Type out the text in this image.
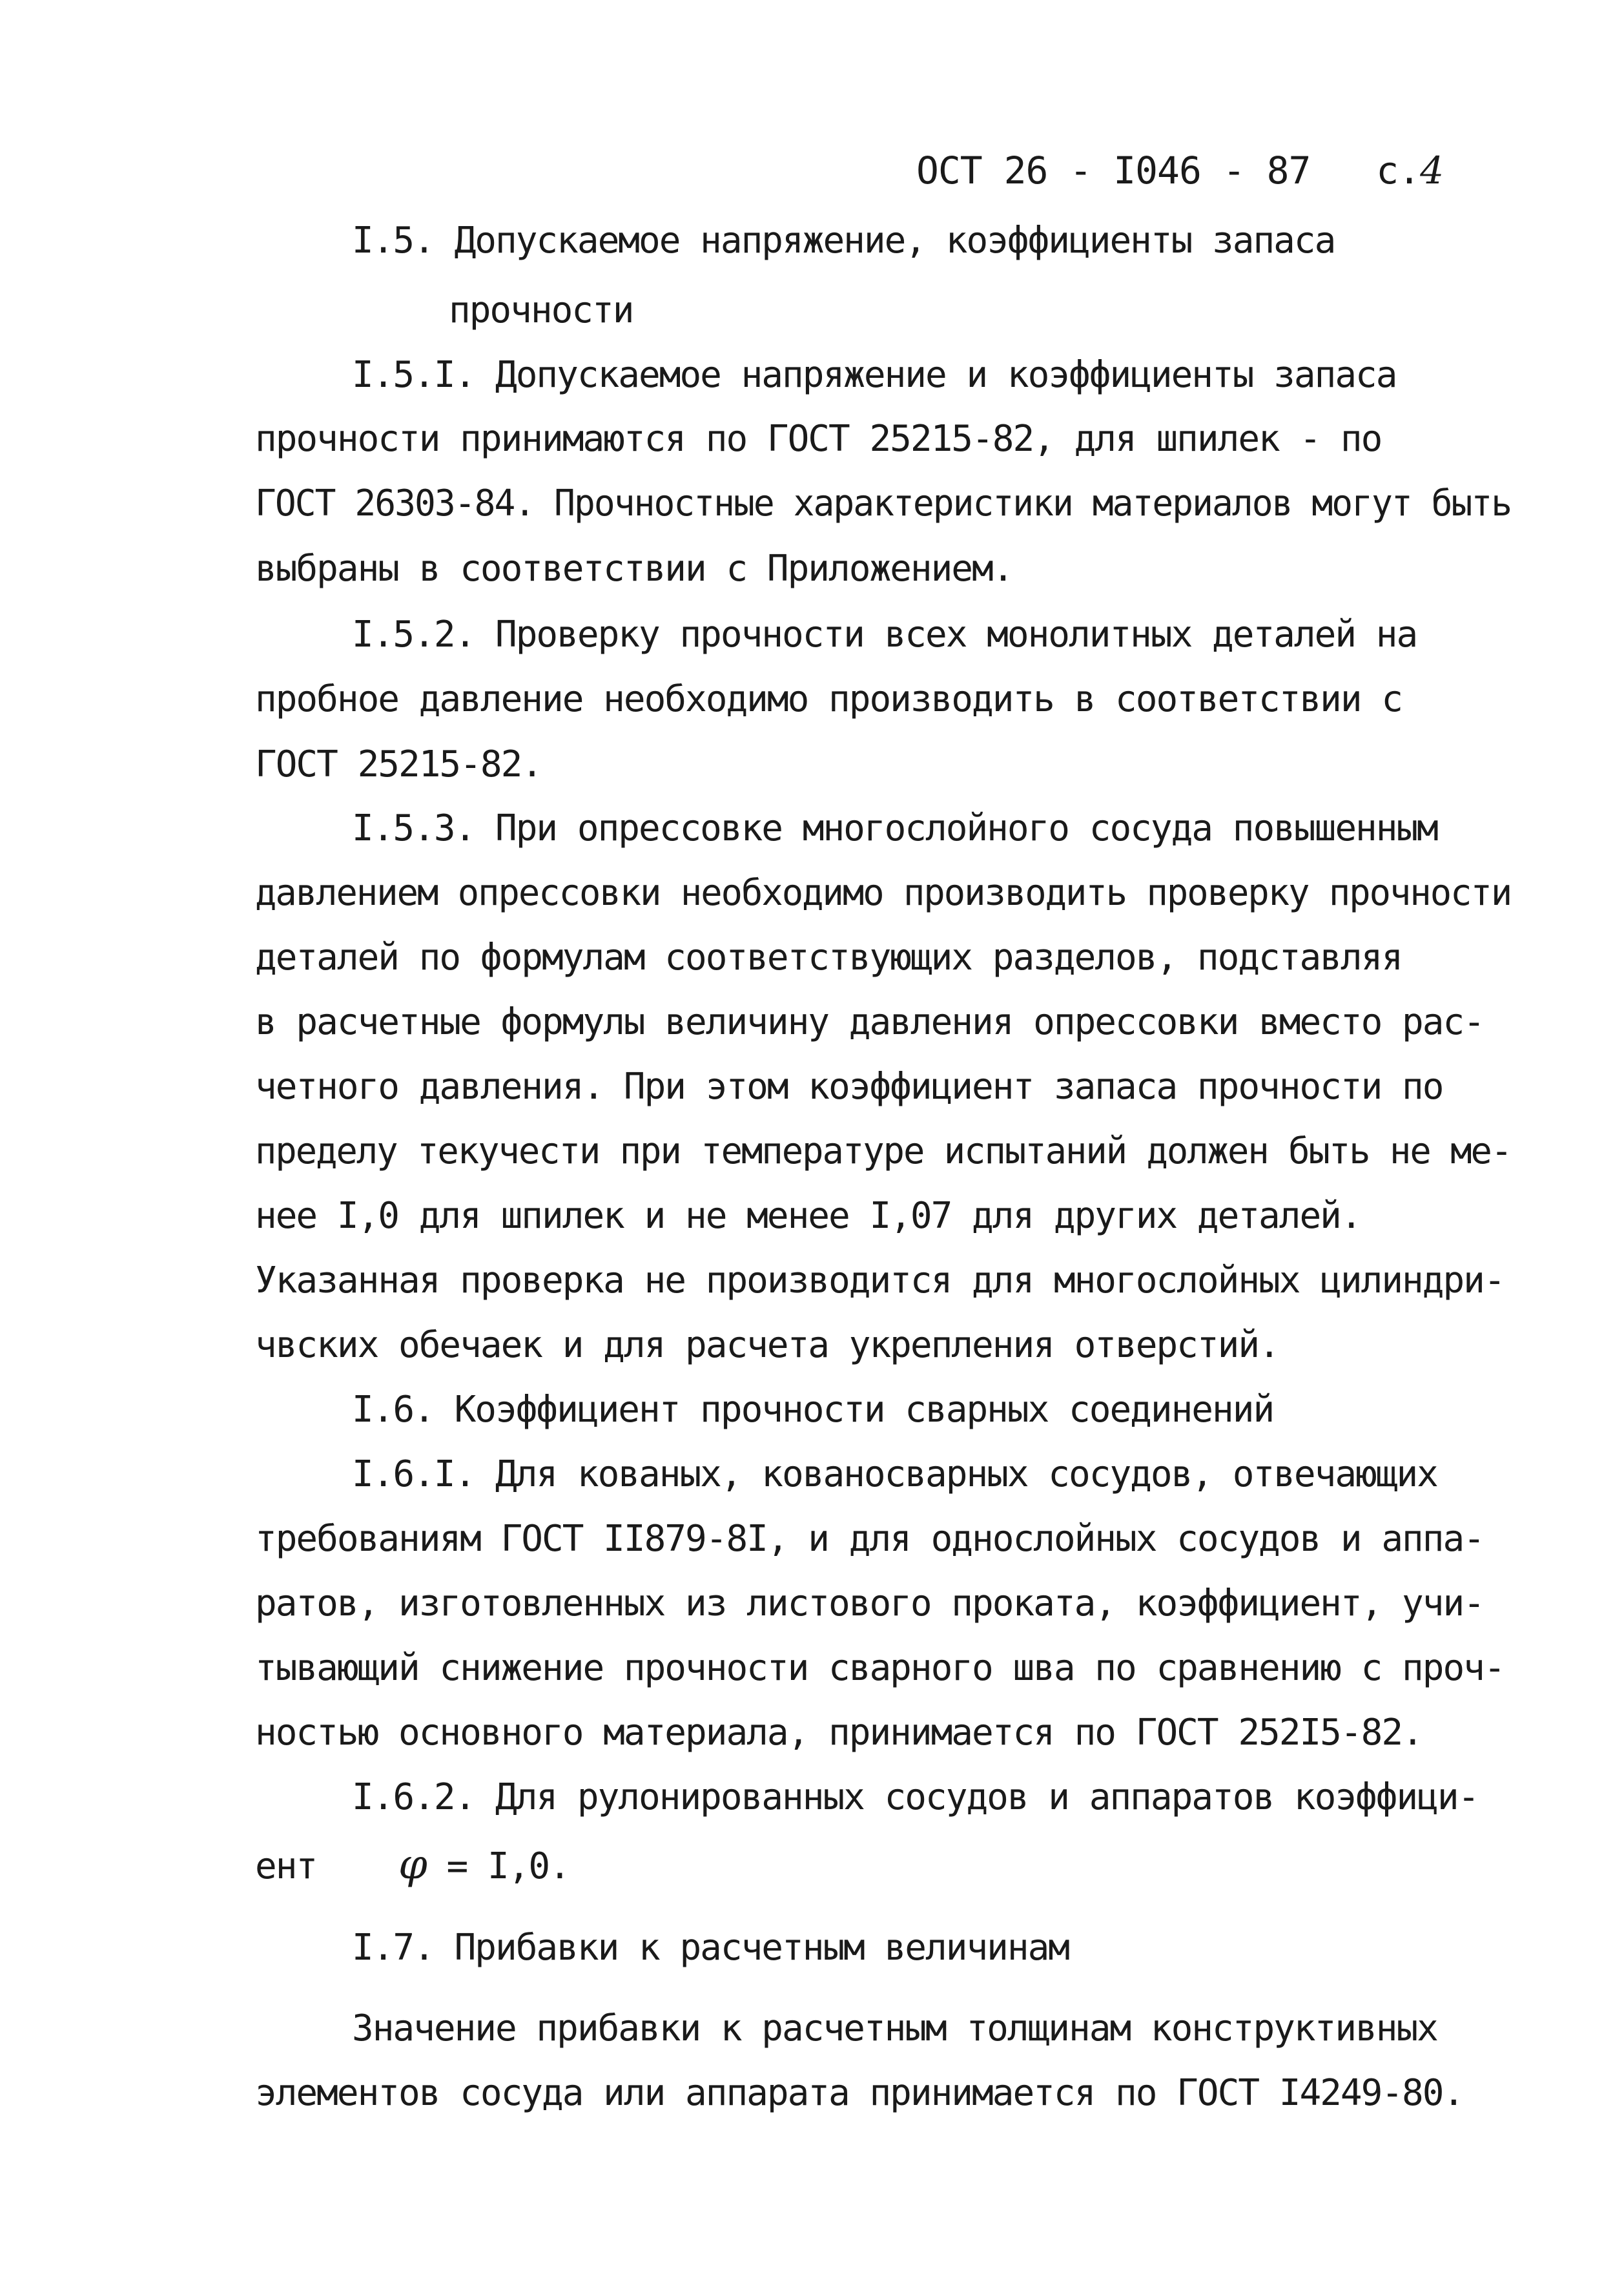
ОСТ 26 - I046 - 87 с.4
I.5. Допускаемое напряжение, коэффициенты запаса
прочности
I.5.I. Допускаемое напряжение и коэффициенты запаса
прочности принимаются по ГОСТ 25215-82, для шпилек - по
ГОСТ 26303-84. Прочностные характеристики материалов могут быть
выбраны в соответствии с Приложением.
I.5.2. Проверку прочности всех монолитных деталей на
пробное давление необходимо производить в соответствии с
ГОСТ 25215-82.
I.5.3. При опрессовке многослойного сосуда повышенным
давлением опрессовки необходимо производить проверку прочности
деталей по формулам соответствующих разделов, подставляя
в расчетные формулы величину давления опрессовки вместо рас-
четного давления. При этом коэффициент запаса прочности по
пределу текучести при температуре испытаний должен быть не ме-
нее I,0 для шпилек и не менее I,07 для других деталей.
Указанная проверка не производится для многослойных цилиндри-
чвских обечаек и для расчета укрепления отверстий.
I.6. Коэффициент прочности сварных соединений
I.6.I. Для кованых, кованосварных сосудов, отвечающих
требованиям ГОСТ II879-8I, и для однослойных сосудов и аппа-
ратов, изготовленных из листового проката, коэффициент, учи-
тывающий снижение прочности сварного шва по сравнению с проч-
ностью основного материала, принимается по ГОСТ 252I5-82.
I.6.2. Для рулонированных сосудов и аппаратов коэффици-
ент φ = I,0.
I.7. Прибавки к расчетным величинам
Значение прибавки к расчетным толщинам конструктивных
элементов сосуда или аппарата принимается по ГОСТ I4249-80.
